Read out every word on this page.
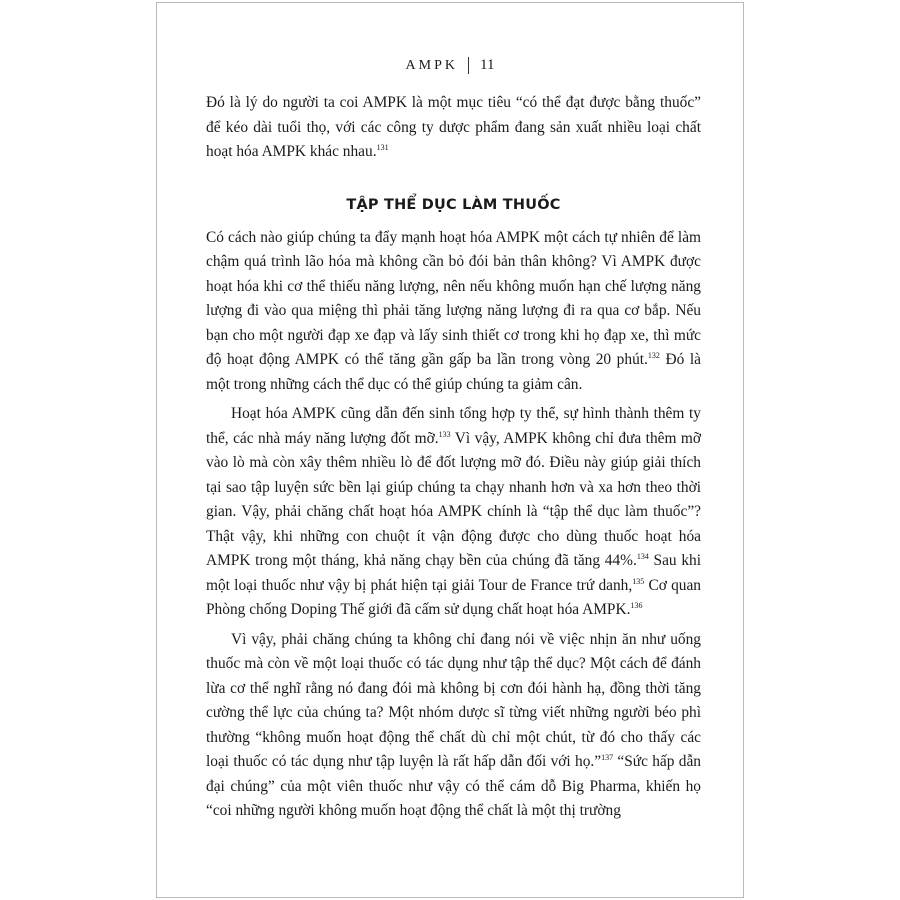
AMPK 11

Đó là lý do người ta coi AMPK là một mục tiêu “có thể đạt được bằng thuốc” để kéo dài tuổi thọ, với các công ty dược phẩm đang sản xuất nhiều loại chất hoạt hóa AMPK khác nhau.$^{131}$

TẬP THỂ DỤC LÀM THUỐC

Có cách nào giúp chúng ta đẩy mạnh hoạt hóa AMPK một cách tự nhiên để làm chậm quá trình lão hóa mà không cần bỏ đói bản thân không? Vì AMPK được hoạt hóa khi cơ thể thiếu năng lượng, nên nếu không muốn hạn chế lượng năng lượng đi vào qua miệng thì phải tăng lượng năng lượng đi ra qua cơ bắp. Nếu bạn cho một người đạp xe đạp và lấy sinh thiết cơ trong khi họ đạp xe, thì mức độ hoạt động AMPK có thể tăng gần gấp ba lần trong vòng 20 phút.$^{132}$ Đó là một trong những cách thể dục có thể giúp chúng ta giảm cân.

Hoạt hóa AMPK cũng dẫn đến sinh tổng hợp ty thể, sự hình thành thêm ty thể, các nhà máy năng lượng đốt mỡ.$^{133}$ Vì vậy, AMPK không chỉ đưa thêm mỡ vào lò mà còn xây thêm nhiều lò để đốt lượng mỡ đó. Điều này giúp giải thích tại sao tập luyện sức bền lại giúp chúng ta chạy nhanh hơn và xa hơn theo thời gian. Vậy, phải chăng chất hoạt hóa AMPK chính là “tập thể dục làm thuốc”? Thật vậy, khi những con chuột ít vận động được cho dùng thuốc hoạt hóa AMPK trong một tháng, khả năng chạy bền của chúng đã tăng 44%.$^{134}$ Sau khi một loại thuốc như vậy bị phát hiện tại giải Tour de France trứ danh,$^{135}$ Cơ quan Phòng chống Doping Thế giới đã cấm sử dụng chất hoạt hóa AMPK.$^{136}$

Vì vậy, phải chăng chúng ta không chỉ đang nói về việc nhịn ăn như uống thuốc mà còn về một loại thuốc có tác dụng như tập thể dục? Một cách để đánh lừa cơ thể nghĩ rằng nó đang đói mà không bị cơn đói hành hạ, đồng thời tăng cường thể lực của chúng ta? Một nhóm dược sĩ từng viết những người béo phì thường “không muốn hoạt động thể chất dù chỉ một chút, từ đó cho thấy các loại thuốc có tác dụng như tập luyện là rất hấp dẫn đối với họ.”$^{137}$ “Sức hấp dẫn đại chúng” của một viên thuốc như vậy có thể cám dỗ Big Pharma, khiến họ “coi những người không muốn hoạt động thể chất là một thị trường
